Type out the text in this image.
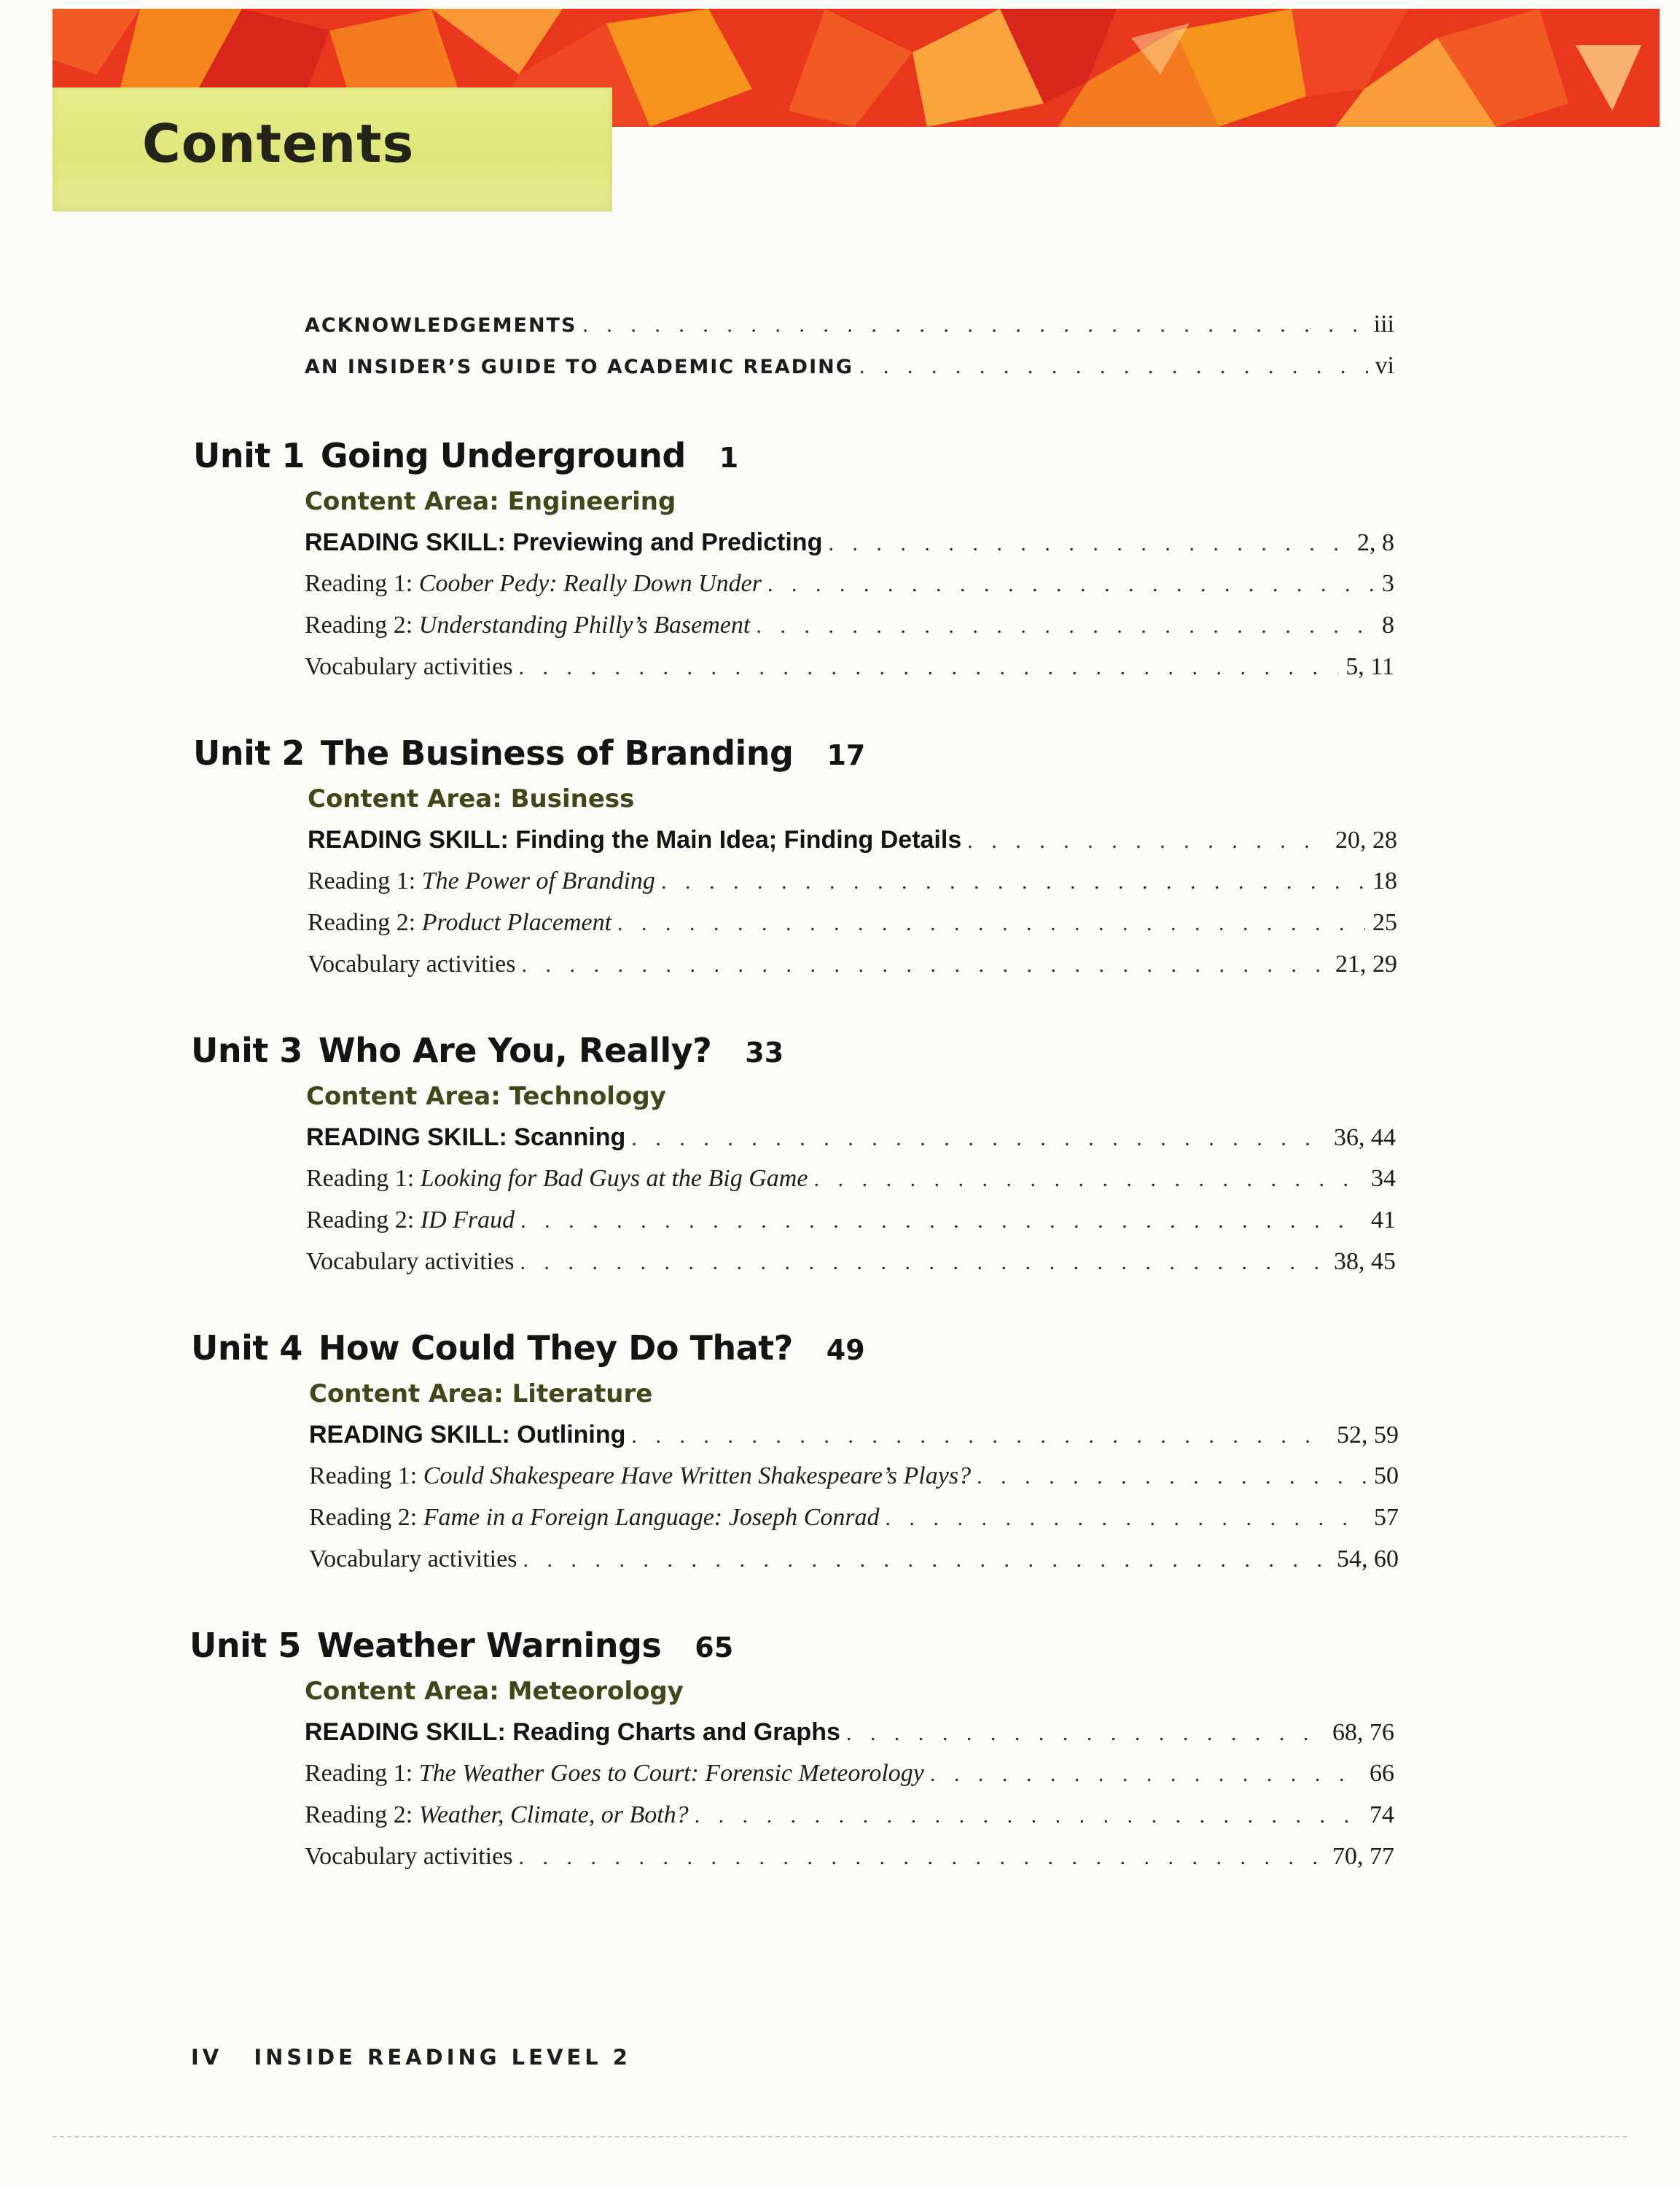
Contents
ACKNOWLEDGEMENTS . . .	iii
AN INSIDER’S GUIDE TO ACADEMIC READING . . .	vi
Unit 1 Going Underground 1
Content Area: Engineering
READING SKILL: Previewing and Predicting . . .	2, 8
Reading 1: Coober Pedy: Really Down Under . . .	3
Reading 2: Understanding Philly’s Basement . . .	8
Vocabulary activities . . .	5, 11
Unit 2 The Business of Branding 17
Content Area: Business
READING SKILL: Finding the Main Idea; Finding Details . . .	20, 28
Reading 1: The Power of Branding . . .	18
Reading 2: Product Placement . . .	25
Vocabulary activities . . .	21, 29
Unit 3 Who Are You, Really? 33
Content Area: Technology
READING SKILL: Scanning . . .	36, 44
Reading 1: Looking for Bad Guys at the Big Game . . .	34
Reading 2: ID Fraud . . .	41
Vocabulary activities . . .	38, 45
Unit 4 How Could They Do That? 49
Content Area: Literature
READING SKILL: Outlining . . .	52, 59
Reading 1: Could Shakespeare Have Written Shakespeare’s Plays? . . .	50
Reading 2: Fame in a Foreign Language: Joseph Conrad . . .	57
Vocabulary activities . . .	54, 60
Unit 5 Weather Warnings 65
Content Area: Meteorology
READING SKILL: Reading Charts and Graphs . . .	68, 76
Reading 1: The Weather Goes to Court: Forensic Meteorology . . .	66
Reading 2: Weather, Climate, or Both? . . .	74
Vocabulary activities . . .	70, 77
IV INSIDE READING LEVEL 2
